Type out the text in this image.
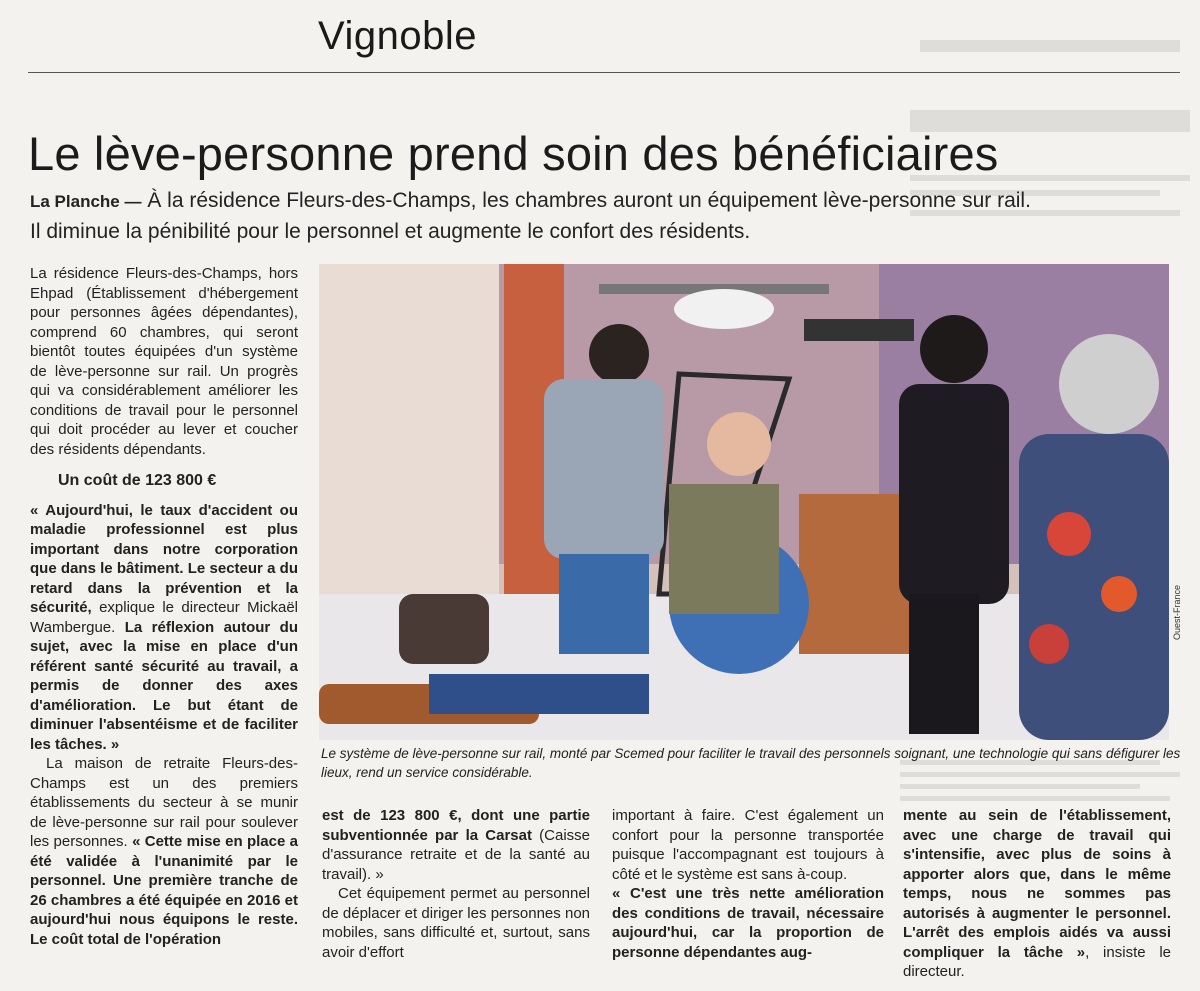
Vignoble
Le lève-personne prend soin des bénéficiaires
La Planche — À la résidence Fleurs-des-Champs, les chambres auront un équipement lève-personne sur rail. Il diminue la pénibilité pour le personnel et augmente le confort des résidents.

La résidence Fleurs-des-Champs, hors Ehpad (Établissement d'hébergement pour personnes âgées dépendantes), comprend 60 chambres, qui seront bientôt toutes équipées d'un système de lève-personne sur rail. Un progrès qui va considérablement améliorer les conditions de travail pour le personnel qui doit procéder au lever et coucher des résidents dépendants.

Un coût de 123 800 €

« Aujourd'hui, le taux d'accident ou maladie professionnel est plus important dans notre corporation que dans le bâtiment. Le secteur a du retard dans la prévention et la sécurité, explique le directeur Mickaël Wambergue. La réflexion autour du sujet, avec la mise en place d'un référent santé sécurité au travail, a permis de donner des axes d'amélioration. Le but étant de diminuer l'absentéisme et de faciliter les tâches. »

La maison de retraite Fleurs-des-Champs est un des premiers établissements du secteur à se munir de lève-personne sur rail pour soulever les personnes. « Cette mise en place a été validée à l'unanimité par le personnel. Une première tranche de 26 chambres a été équipée en 2016 et aujourd'hui nous équipons le reste. Le coût total de l'opération

Ouest-France
Le système de lève-personne sur rail, monté par Scemed pour faciliter le travail des personnels soignant, une technologie qui sans défigurer les lieux, rend un service considérable.

est de 123 800 €, dont une partie subventionnée par la Carsat (Caisse d'assurance retraite et de la santé au travail). »

Cet équipement permet au personnel de déplacer et diriger les personnes non mobiles, sans difficulté et, surtout, sans avoir d'effort

important à faire. C'est également un confort pour la personne transportée puisque l'accompagnant est toujours à côté et le système est sans à-coup.
« C'est une très nette amélioration des conditions de travail, nécessaire aujourd'hui, car la proportion de personne dépendantes aug-

mente au sein de l'établissement, avec une charge de travail qui s'intensifie, avec plus de soins à apporter alors que, dans le même temps, nous ne sommes pas autorisés à augmenter le personnel. L'arrêt des emplois aidés va aussi compliquer la tâche », insiste le directeur.
